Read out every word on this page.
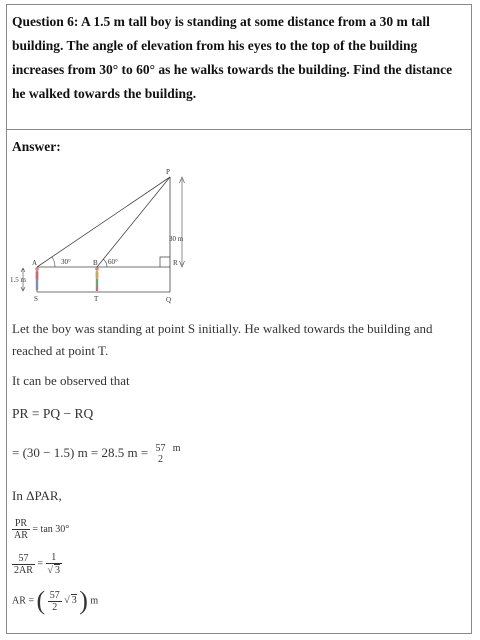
Question 6: A 1.5 m tall boy is standing at some distance from a 30 m tall building. The angle of elevation from his eyes to the top of the building increases from 30° to 60° as he walks towards the building. Find the distance he walked towards the building.
Answer:
P
R
Q
A	B
S	T
30 m
1.5 m
30°	60°
Let the boy was standing at point S initially. He walked towards the building and reached at point T.
It can be observed that
PR = PQ − RQ
= (30 − 1.5) m = 28.5 m = 57
2
$^m$
In ΔPAR,
$\frac{PR}{AR} = \tan 30^\circ$
$\frac{57}{2AR} = \frac{1}{√ 3}$
AR = ( $\frac{57}{2}$ √ 3 ) m
